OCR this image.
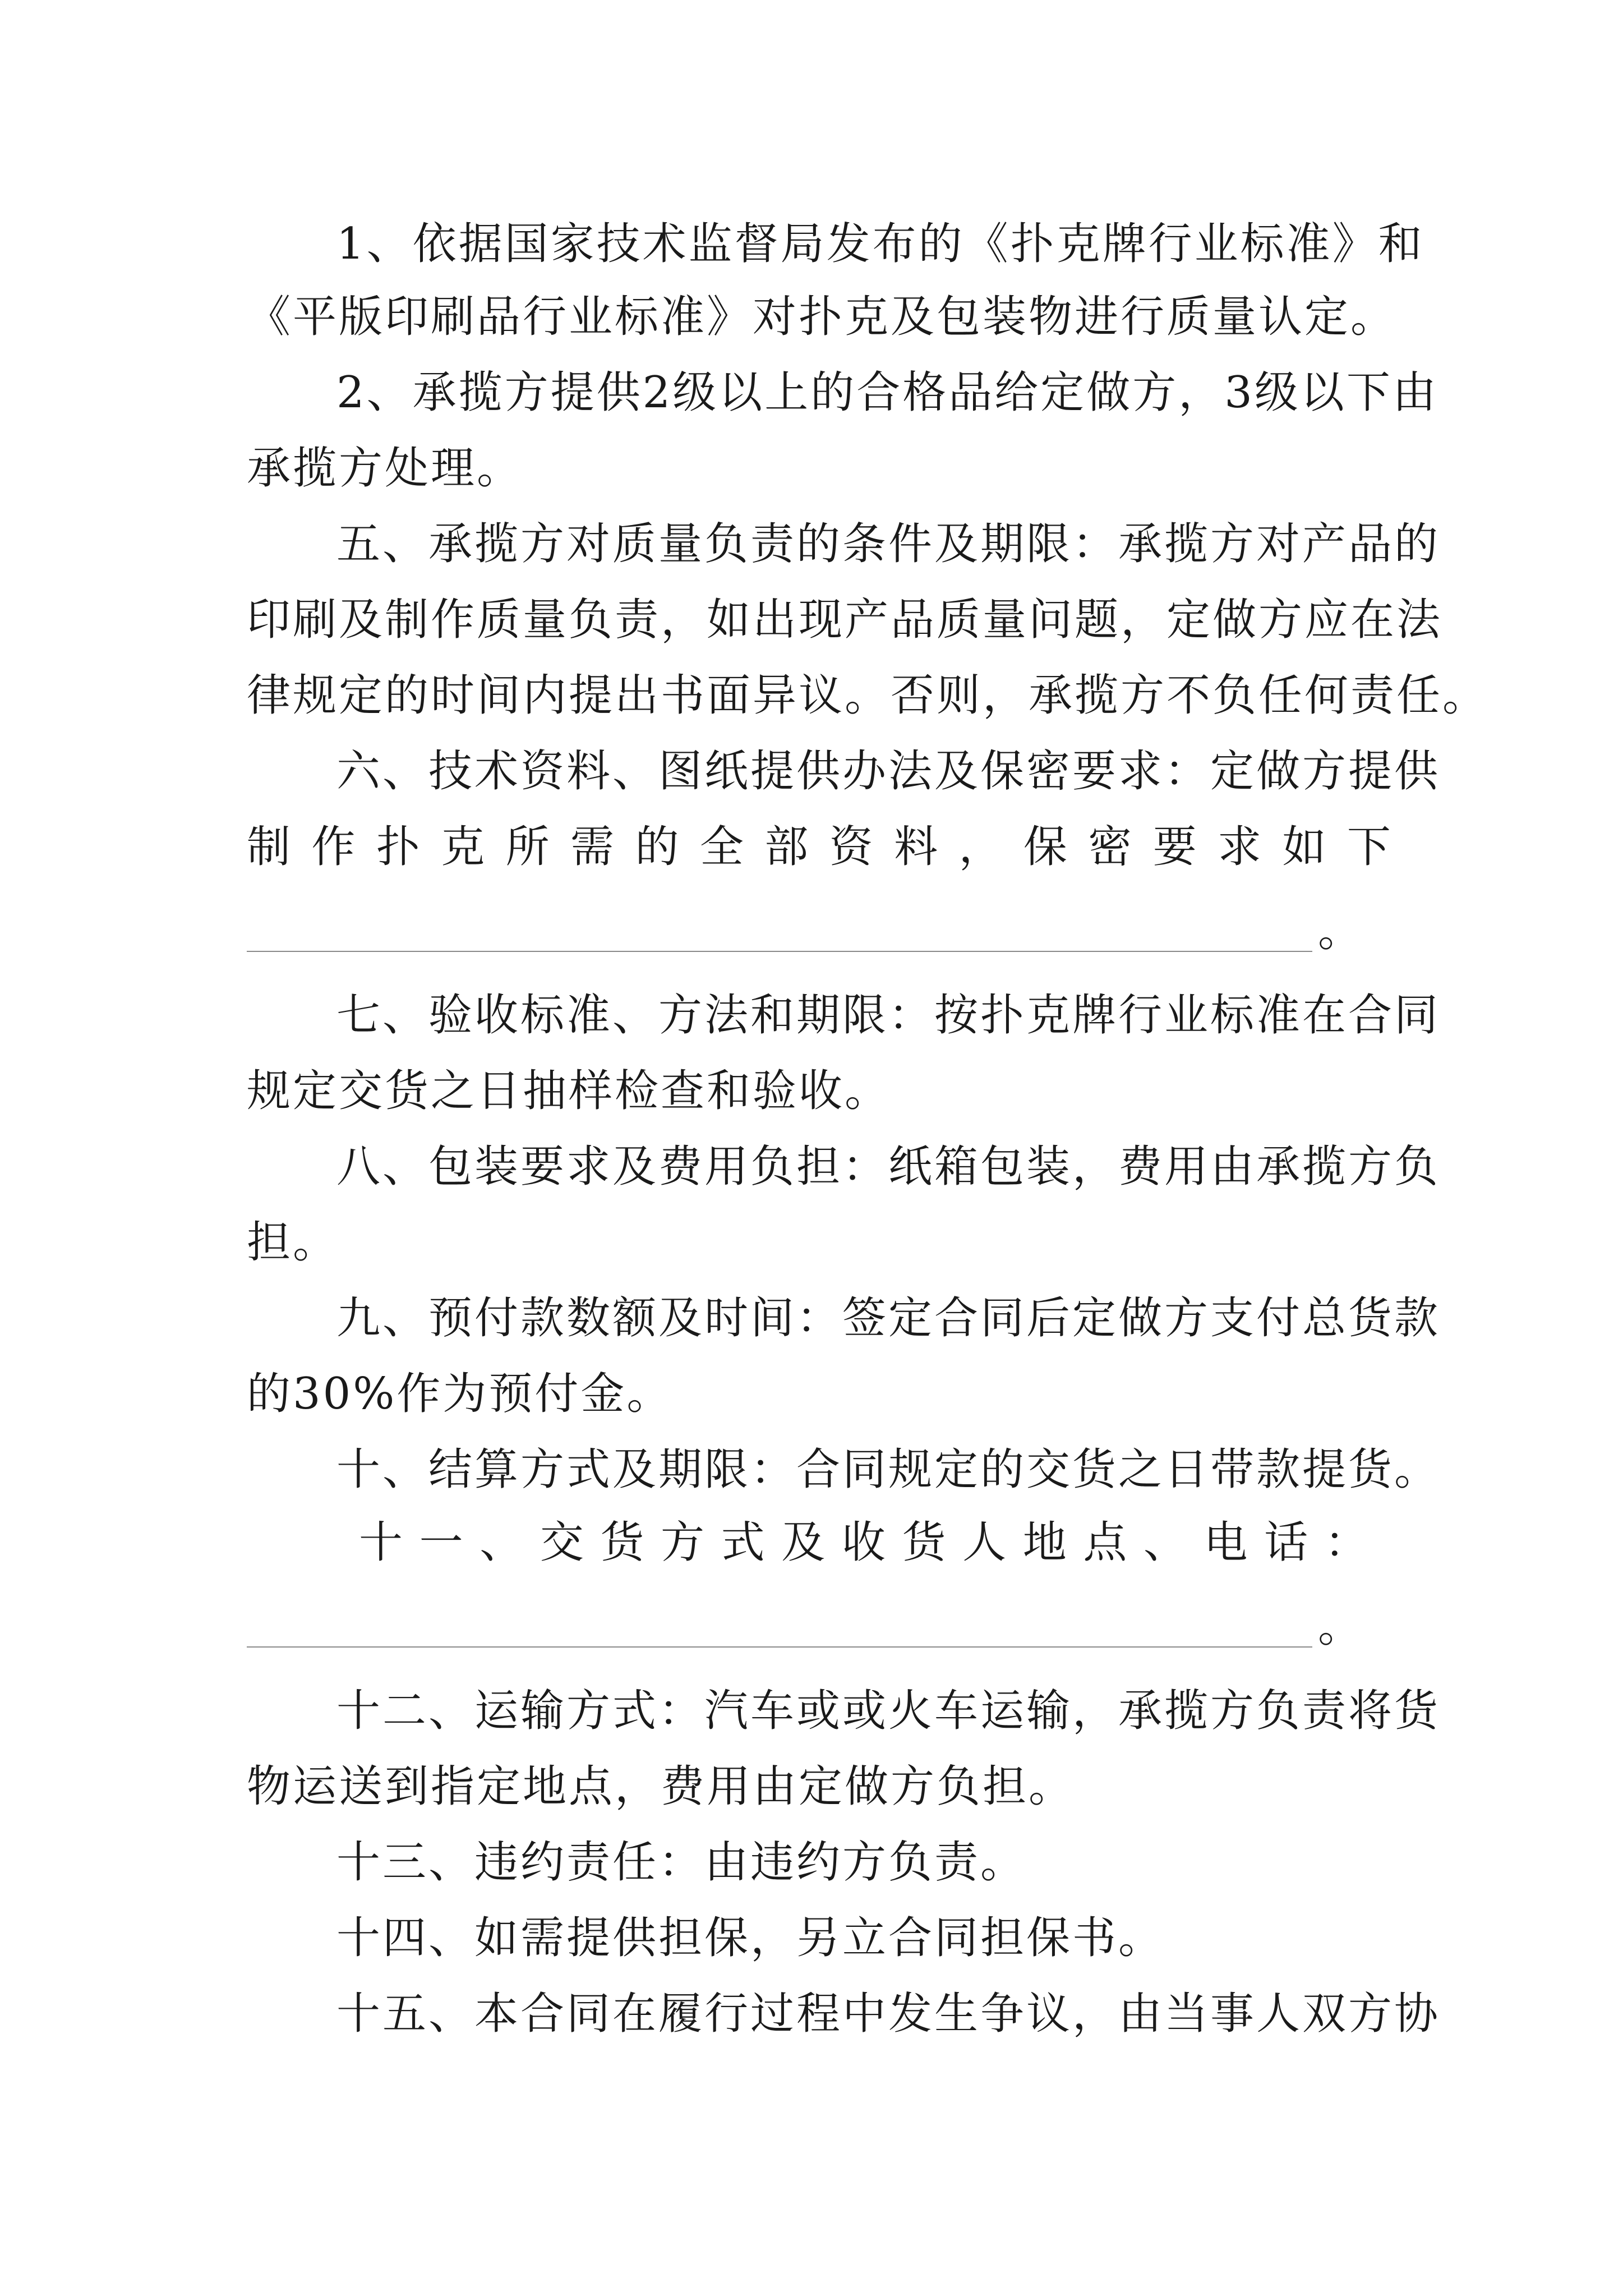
1、依据国家技术监督局发布的《扑克牌行业标准》和
《平版印刷品行业标准》对扑克及包装物进行质量认定。
2、承揽方提供2级以上的合格品给定做方，3级以下由
承揽方处理。
五、承揽方对质量负责的条件及期限：承揽方对产品的
印刷及制作质量负责，如出现产品质量问题，定做方应在法
律规定的时间内提出书面异议。否则，承揽方不负任何责任。
六、技术资料、图纸提供办法及保密要求：定做方提供
制 作 扑 克 所 需 的 全 部 资 料 ， 保 密 要 求 如 下
。
七、验收标准、方法和期限：按扑克牌行业标准在合同
规定交货之日抽样检查和验收。
八、包装要求及费用负担：纸箱包装，费用由承揽方负
担。
九、预付款数额及时间：签定合同后定做方支付总货款
的30%作为预付金。
十、结算方式及期限：合同规定的交货之日带款提货。
十 一 、 交 货 方 式 及 收 货 人 地 点 、 电 话 ：
。
十二、运输方式：汽车或或火车运输，承揽方负责将货
物运送到指定地点，费用由定做方负担。
十三、违约责任：由违约方负责。
十四、如需提供担保，另立合同担保书。
十五、本合同在履行过程中发生争议，由当事人双方协
